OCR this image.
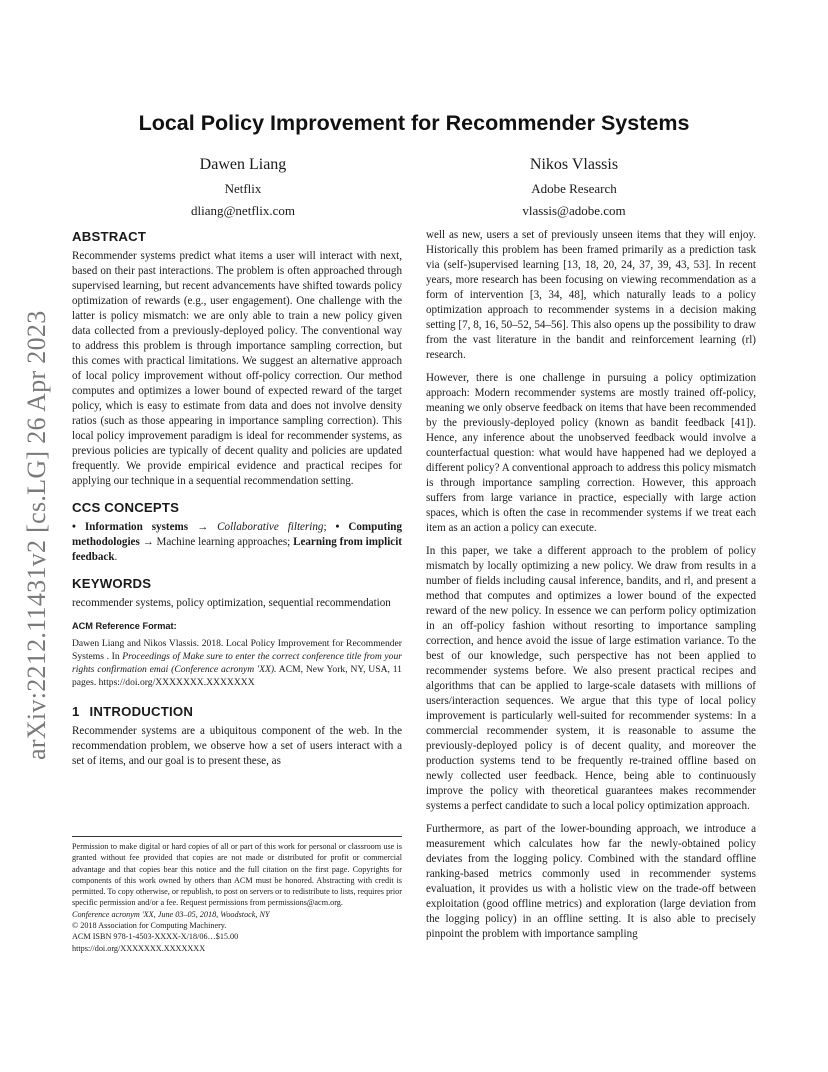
arXiv:2212.11431v2 [cs.LG] 26 Apr 2023
Local Policy Improvement for Recommender Systems
Dawen Liang
Netflix
dliang@netflix.com
Nikos Vlassis
Adobe Research
vlassis@adobe.com
ABSTRACT

Recommender systems predict what items a user will interact with next, based on their past interactions. The problem is often approached through supervised learning, but recent advancements have shifted towards policy optimization of rewards (e.g., user engagement). One challenge with the latter is policy mismatch: we are only able to train a new policy given data collected from a previously-deployed policy. The conventional way to address this problem is through importance sampling correction, but this comes with practical limitations. We suggest an alternative approach of local policy improvement without off-policy correction. Our method computes and optimizes a lower bound of expected reward of the target policy, which is easy to estimate from data and does not involve density ratios (such as those appearing in importance sampling correction). This local policy improvement paradigm is ideal for recommender systems, as previous policies are typically of decent quality and policies are updated frequently. We provide empirical evidence and practical recipes for applying our technique in a sequential recommendation setting.

CCS CONCEPTS

• Information systems → Collaborative filtering; • Computing methodologies → Machine learning approaches; Learning from implicit feedback.

KEYWORDS

recommender systems, policy optimization, sequential recommendation

ACM Reference Format:

Dawen Liang and Nikos Vlassis. 2018. Local Policy Improvement for Recommender Systems . In Proceedings of Make sure to enter the correct conference title from your rights confirmation emai (Conference acronym 'XX). ACM, New York, NY, USA, 11 pages. https://doi.org/XXXXXXX.XXXXXXX

1 INTRODUCTION

Recommender systems are a ubiquitous component of the web. In the recommendation problem, we observe how a set of users interact with a set of items, and our goal is to present these, as

well as new, users a set of previously unseen items that they will enjoy. Historically this problem has been framed primarily as a prediction task via (self-)supervised learning [13, 18, 20, 24, 37, 39, 43, 53]. In recent years, more research has been focusing on viewing recommendation as a form of intervention [3, 34, 48], which naturally leads to a policy optimization approach to recommender systems in a decision making setting [7, 8, 16, 50–52, 54–56]. This also opens up the possibility to draw from the vast literature in the bandit and reinforcement learning (rl) research.

However, there is one challenge in pursuing a policy optimization approach: Modern recommender systems are mostly trained off-policy, meaning we only observe feedback on items that have been recommended by the previously-deployed policy (known as bandit feedback [41]). Hence, any inference about the unobserved feedback would involve a counterfactual question: what would have happened had we deployed a different policy? A conventional approach to address this policy mismatch is through importance sampling correction. However, this approach suffers from large variance in practice, especially with large action spaces, which is often the case in recommender systems if we treat each item as an action a policy can execute.

In this paper, we take a different approach to the problem of policy mismatch by locally optimizing a new policy. We draw from results in a number of fields including causal inference, bandits, and rl, and present a method that computes and optimizes a lower bound of the expected reward of the new policy. In essence we can perform policy optimization in an off-policy fashion without resorting to importance sampling correction, and hence avoid the issue of large estimation variance. To the best of our knowledge, such perspective has not been applied to recommender systems before. We also present practical recipes and algorithms that can be applied to large-scale datasets with millions of users/interaction sequences. We argue that this type of local policy improvement is particularly well-suited for recommender systems: In a commercial recommender system, it is reasonable to assume the previously-deployed policy is of decent quality, and moreover the production systems tend to be frequently re-trained offline based on newly collected user feedback. Hence, being able to continuously improve the policy with theoretical guarantees makes recommender systems a perfect candidate to such a local policy optimization approach.

Furthermore, as part of the lower-bounding approach, we introduce a measurement which calculates how far the newly-obtained policy deviates from the logging policy. Combined with the standard offline ranking-based metrics commonly used in recommender systems evaluation, it provides us with a holistic view on the trade-off between exploitation (good offline metrics) and exploration (large deviation from the logging policy) in an offline setting. It is also able to precisely pinpoint the problem with importance sampling

Permission to make digital or hard copies of all or part of this work for personal or classroom use is granted without fee provided that copies are not made or distributed for profit or commercial advantage and that copies bear this notice and the full citation on the first page. Copyrights for components of this work owned by others than ACM must be honored. Abstracting with credit is permitted. To copy otherwise, or republish, to post on servers or to redistribute to lists, requires prior specific permission and/or a fee. Request permissions from permissions@acm.org.

Conference acronym 'XX, June 03–05, 2018, Woodstock, NY
© 2018 Association for Computing Machinery.
ACM ISBN 978-1-4503-XXXX-X/18/06…$15.00
https://doi.org/XXXXXXX.XXXXXXX
